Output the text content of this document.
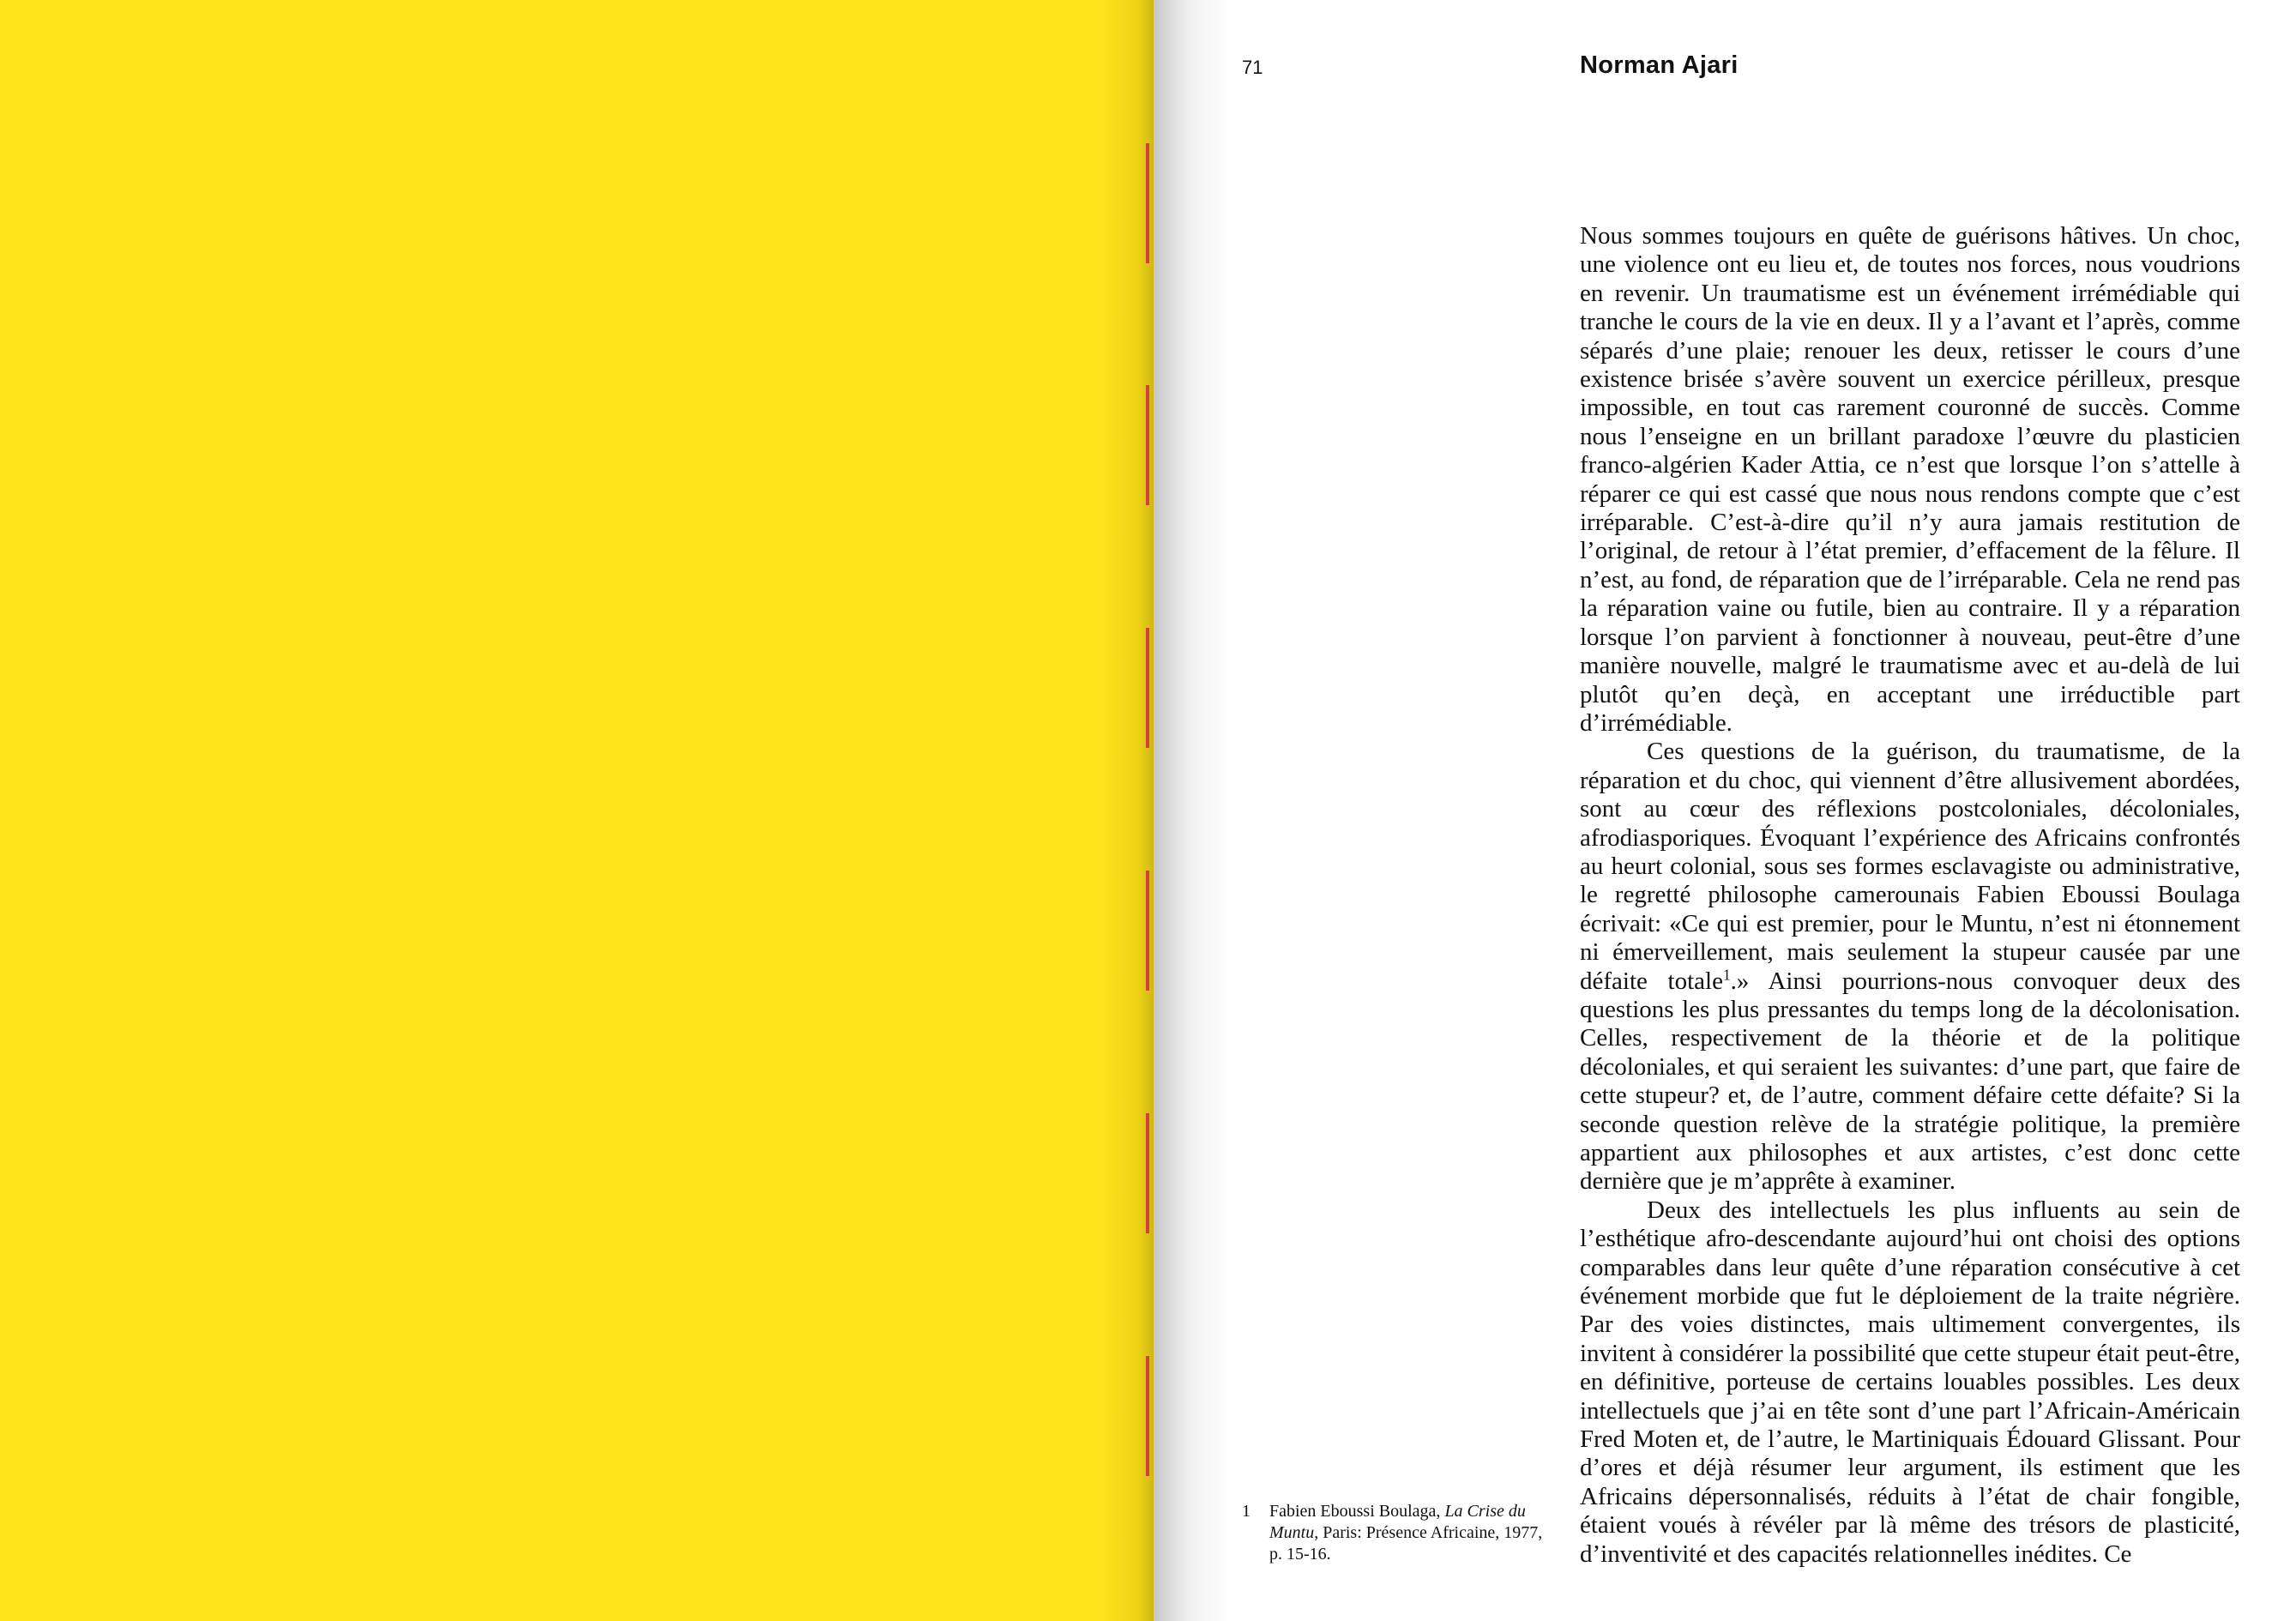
71	Norman Ajari

Nous sommes toujours en quête de guérisons hâtives. Un choc, une violence ont eu lieu et, de toutes nos forces, nous voudrions en revenir. Un traumatisme est un événement irrémédiable qui tranche le cours de la vie en deux. Il y a l’avant et l’après, comme séparés d’une plaie; renouer les deux, retisser le cours d’une existence brisée s’avère souvent un exercice périlleux, presque impossible, en tout cas rarement couronné de succès. Comme nous l’enseigne en un brillant paradoxe l’œuvre du plasticien franco-algérien Kader Attia, ce n’est que lorsque l’on s’attelle à réparer ce qui est cassé que nous nous rendons compte que c’est irréparable. C’est-à-dire qu’il n’y aura jamais restitution de l’original, de retour à l’état premier, d’effacement de la fêlure. Il n’est, au fond, de réparation que de l’irréparable. Cela ne rend pas la réparation vaine ou futile, bien au contraire. Il y a réparation lorsque l’on parvient à fonctionner à nouveau, peut-être d’une manière nouvelle, malgré le traumatisme avec et au-delà de lui plutôt qu’en deçà, en acceptant une irréductible part d’irrémédiable.

Ces questions de la guérison, du traumatisme, de la réparation et du choc, qui viennent d’être allusivement abordées, sont au cœur des réflexions postcoloniales, décoloniales, afrodiasporiques. Évoquant l’expérience des Africains confrontés au heurt colonial, sous ses formes esclavagiste ou administrative, le regretté philosophe camerounais Fabien Eboussi Boulaga écrivait: «Ce qui est premier, pour le Muntu, n’est ni étonnement ni émerveillement, mais seulement la stupeur causée par une défaite totale$^1$.» Ainsi pourrions-nous convoquer deux des questions les plus pressantes du temps long de la décolonisation. Celles, respectivement de la théorie et de la politique décoloniales, et qui seraient les suivantes: d’une part, que faire de cette stupeur? et, de l’autre, comment défaire cette défaite? Si la seconde question relève de la stratégie politique, la première appartient aux philosophes et aux artistes, c’est donc cette dernière que je m’apprête à examiner.

Deux des intellectuels les plus influents au sein de l’esthétique afro-descendante aujourd’hui ont choisi des options comparables dans leur quête d’une réparation consécutive à cet événement morbide que fut le déploiement de la traite négrière. Par des voies distinctes, mais ultimement convergentes, ils invitent à considérer la possibilité que cette stupeur était peut-être, en définitive, porteuse de certains louables possibles. Les deux intellectuels que j’ai en tête sont d’une part l’Africain-Américain Fred Moten et, de l’autre, le Martiniquais Édouard Glissant. Pour d’ores et déjà résumer leur argument, ils estiment que les Africains dépersonnalisés, réduits à l’état de chair fongible, étaient voués à révéler par là même des trésors de plasticité, d’inventivité et des capacités relationnelles inédites. Ce

1 Fabien Eboussi Boulaga, La Crise du Muntu, Paris: Présence Africaine, 1977, p. 15-16.
